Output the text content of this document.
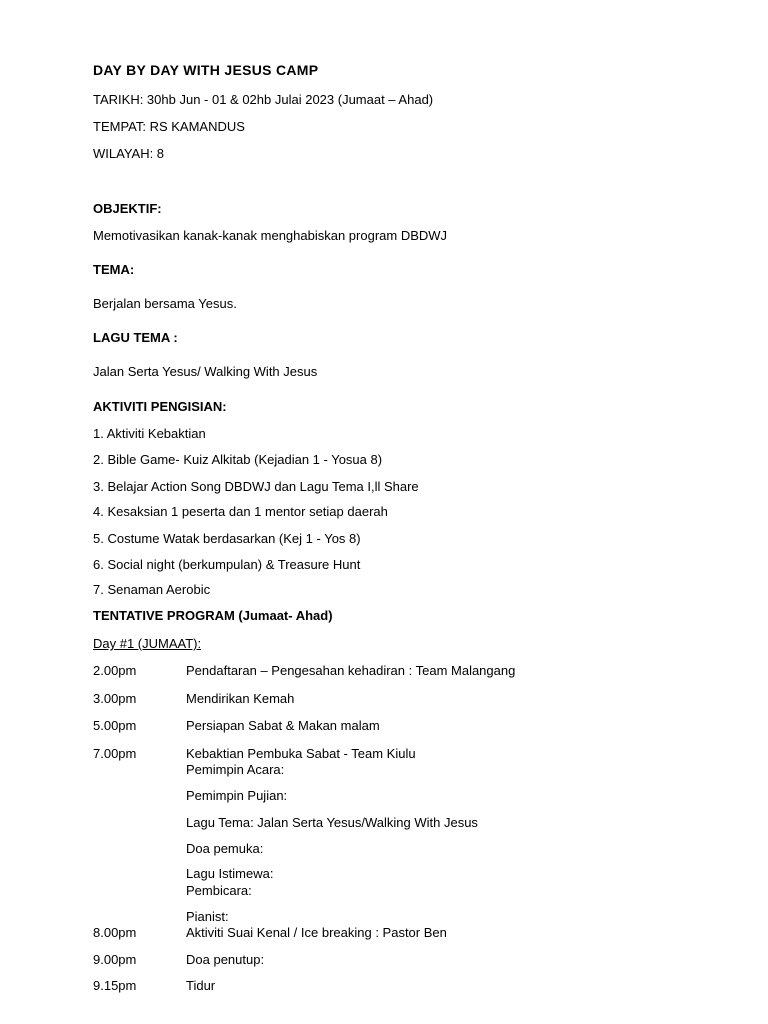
DAY BY DAY WITH JESUS CAMP
TARIKH: 30hb Jun - 01 & 02hb Julai 2023 (Jumaat – Ahad)
TEMPAT: RS KAMANDUS
WILAYAH: 8
OBJEKTIF:
Memotivasikan kanak-kanak menghabiskan program DBDWJ
TEMA:
Berjalan bersama Yesus.
LAGU TEMA :
Jalan Serta Yesus/ Walking With Jesus
AKTIVITI PENGISIAN:
1. Aktiviti Kebaktian
2. Bible Game- Kuiz Alkitab (Kejadian 1 - Yosua 8)
3. Belajar Action Song DBDWJ dan Lagu Tema I,ll Share
4. Kesaksian 1 peserta dan 1 mentor setiap daerah
5. Costume Watak berdasarkan (Kej 1 - Yos 8)
6. Social night (berkumpulan) & Treasure Hunt
7. Senaman Aerobic
TENTATIVE PROGRAM (Jumaat- Ahad)
Day #1 (JUMAAT):
2.00pm	Pendaftaran – Pengesahan kehadiran : Team Malangang
3.00pm	Mendirikan Kemah
5.00pm	Persiapan Sabat & Makan malam
7.00pm	Kebaktian Pembuka Sabat - Team Kiulu
Pemimpin Acara:
Pemimpin Pujian:
Lagu Tema: Jalan Serta Yesus/Walking With Jesus
Doa pemuka:
Lagu Istimewa:
Pembicara:
Pianist:
8.00pm	Aktiviti Suai Kenal / Ice breaking : Pastor Ben
9.00pm	Doa penutup:
9.15pm	Tidur
